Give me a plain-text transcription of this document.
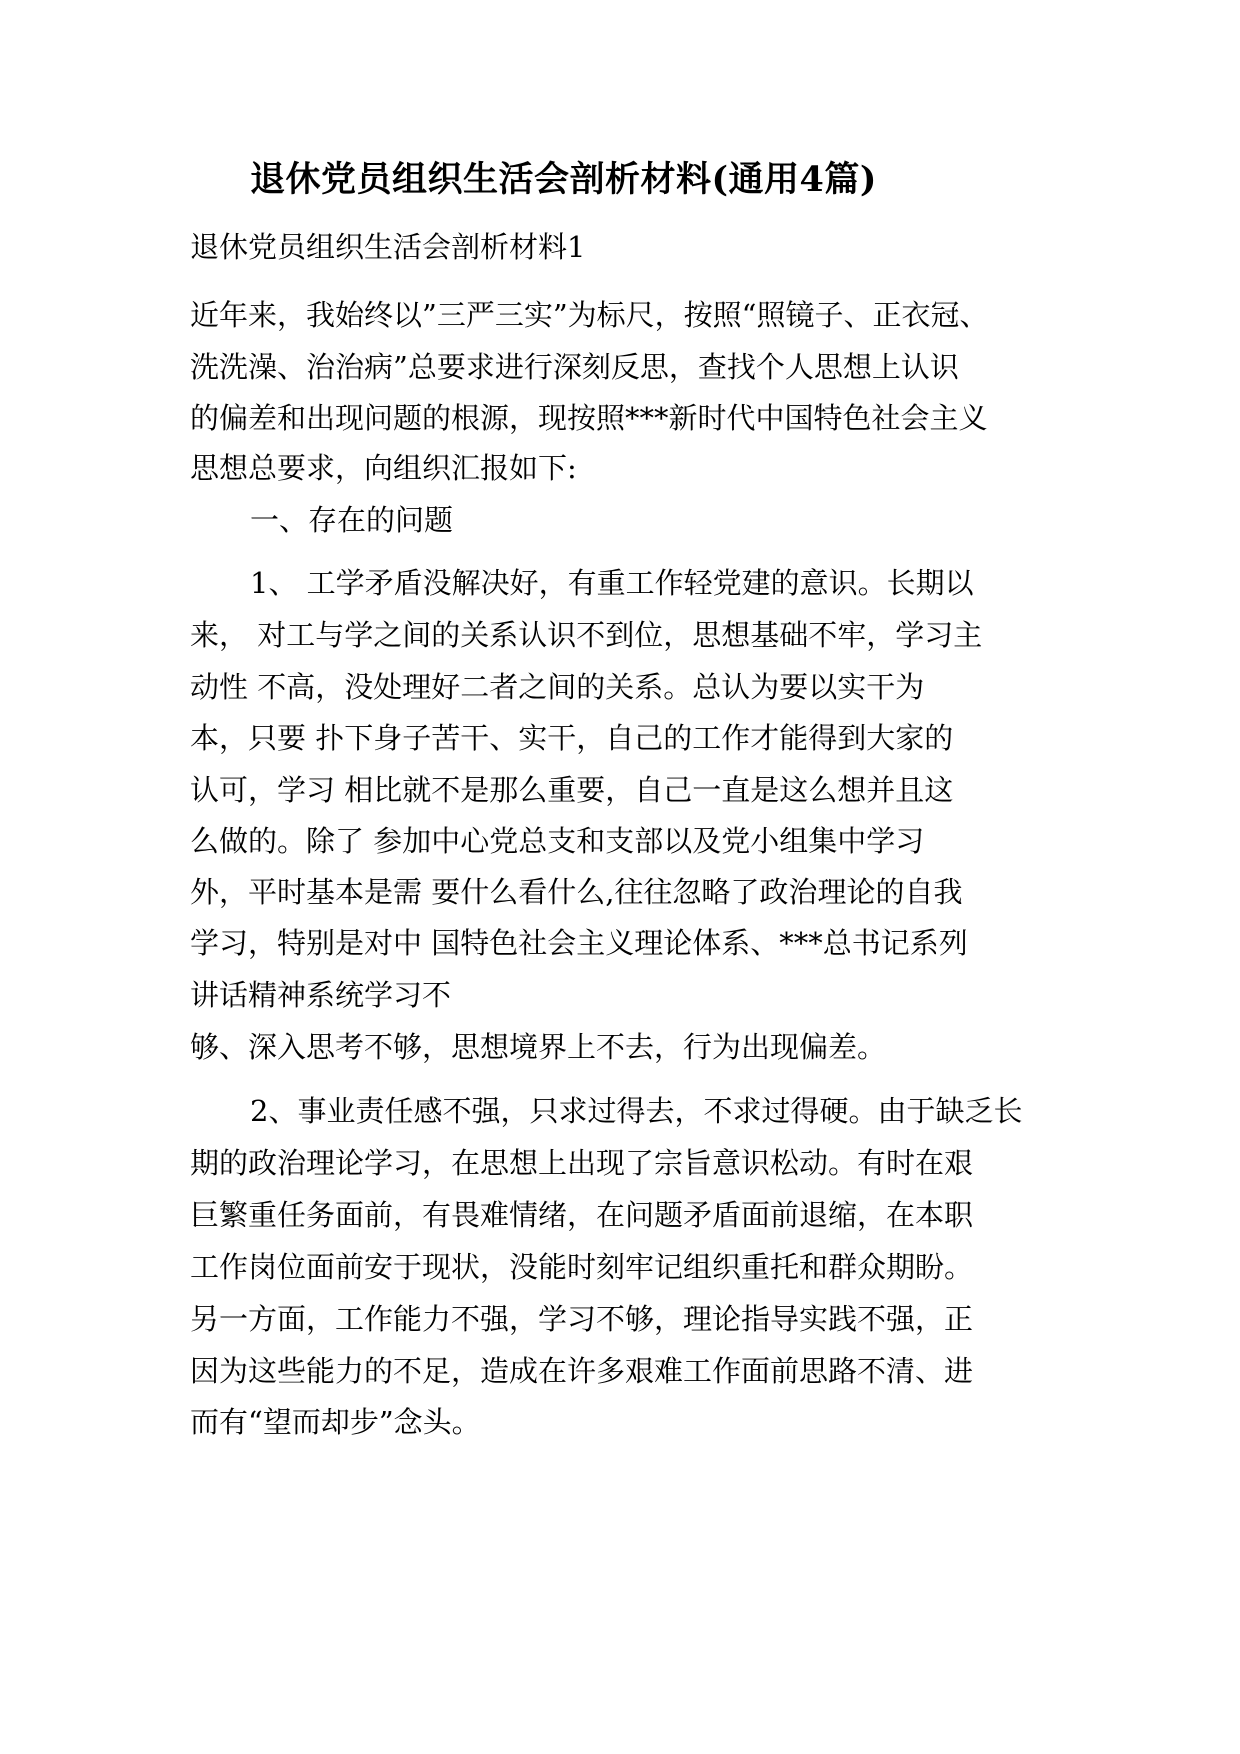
退休党员组织生活会剖析材料(通用4篇)

退休党员组织生活会剖析材料1

近年来，我始终以”三严三实”为标尺，按照“照镜子、正衣冠、

洗洗澡、治治病”总要求进行深刻反思，查找个人思想上认识

的偏差和出现问题的根源，现按照***新时代中国特色社会主义

思想总要求，向组织汇报如下:

一、存在的问题

1、 工学矛盾没解决好，有重工作轻党建的意识。长期以

来， 对工与学之间的关系认识不到位，思想基础不牢，学习主

动性 不高，没处理好二者之间的关系。总认为要以实干为

本，只要 扑下身子苦干、实干，自己的工作才能得到大家的

认可，学习 相比就不是那么重要，自己一直是这么想并且这

么做的。除了 参加中心党总支和支部以及党小组集中学习

外，平时基本是需 要什么看什么,往往忽略了政治理论的自我

学习，特别是对中 国特色社会主义理论体系、***总书记系列

讲话精神系统学习不

够、深入思考不够，思想境界上不去，行为出现偏差。

2、事业责任感不强，只求过得去，不求过得硬。由于缺乏长

期的政治理论学习，在思想上出现了宗旨意识松动。有时在艰

巨繁重任务面前，有畏难情绪，在问题矛盾面前退缩，在本职

工作岗位面前安于现状，没能时刻牢记组织重托和群众期盼。

另一方面，工作能力不强，学习不够，理论指导实践不强，正

因为这些能力的不足，造成在许多艰难工作面前思路不清、进

而有“望而却步”念头。
